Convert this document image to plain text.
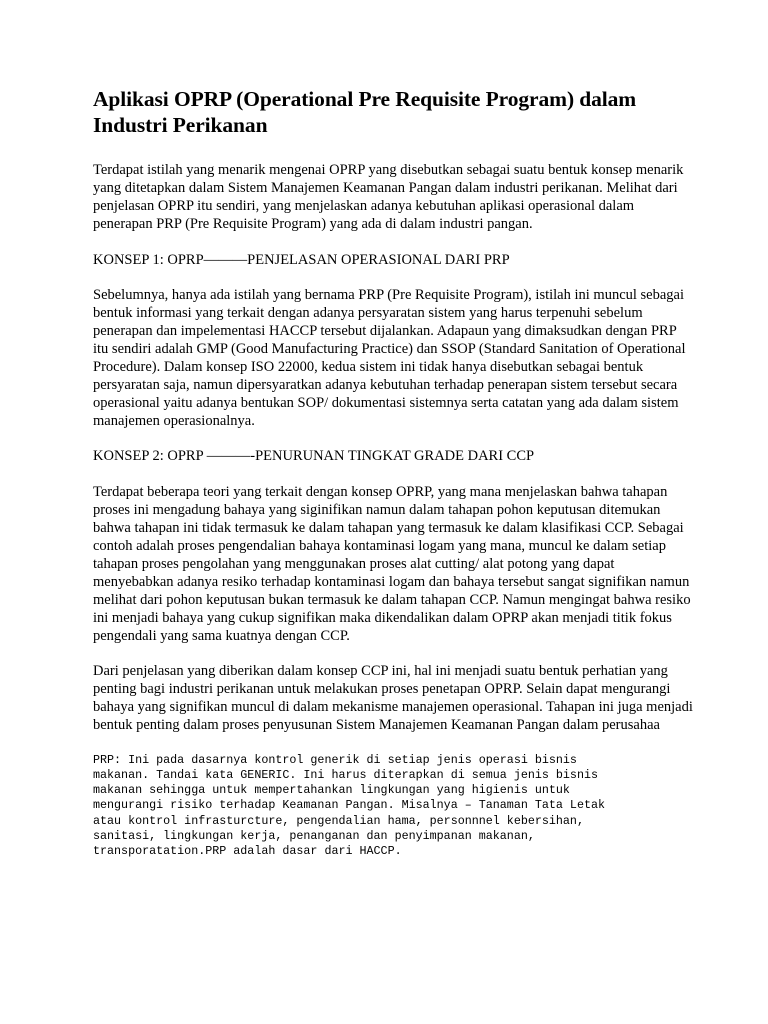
Aplikasi OPRP (Operational Pre Requisite Program) dalam Industri Perikanan

Terdapat istilah yang menarik mengenai OPRP yang disebutkan sebagai suatu bentuk konsep menarik yang ditetapkan dalam Sistem Manajemen Keamanan Pangan dalam industri perikanan. Melihat dari penjelasan OPRP itu sendiri, yang menjelaskan adanya kebutuhan aplikasi operasional dalam penerapan PRP (Pre Requisite Program) yang ada di dalam industri pangan.

KONSEP 1: OPRP———PENJELASAN OPERASIONAL DARI PRP

Sebelumnya, hanya ada istilah yang bernama PRP (Pre Requisite Program), istilah ini muncul sebagai bentuk informasi yang terkait dengan adanya persyaratan sistem yang harus terpenuhi sebelum penerapan dan impelementasi HACCP tersebut dijalankan. Adapaun yang dimaksudkan dengan PRP itu sendiri adalah GMP (Good Manufacturing Practice) dan SSOP (Standard Sanitation of Operational Procedure). Dalam konsep ISO 22000, kedua sistem ini tidak hanya disebutkan sebagai bentuk persyaratan saja, namun dipersyaratkan adanya kebutuhan terhadap penerapan sistem tersebut secara operasional yaitu adanya bentukan SOP/ dokumentasi sistemnya serta catatan yang ada dalam sistem manajemen operasionalnya.

KONSEP 2: OPRP ———-PENURUNAN TINGKAT GRADE DARI CCP

Terdapat beberapa teori yang terkait dengan konsep OPRP, yang mana menjelaskan bahwa tahapan proses ini mengadung bahaya yang siginifikan namun dalam tahapan pohon keputusan ditemukan bahwa tahapan ini tidak termasuk ke dalam tahapan yang termasuk ke dalam klasifikasi CCP. Sebagai contoh adalah proses pengendalian bahaya kontaminasi logam yang mana, muncul ke dalam setiap tahapan proses pengolahan yang menggunakan proses alat cutting/ alat potong yang dapat menyebabkan adanya resiko terhadap kontaminasi logam dan bahaya tersebut sangat signifikan namun melihat dari pohon keputusan bukan termasuk ke dalam tahapan CCP. Namun mengingat bahwa resiko ini menjadi bahaya yang cukup signifikan maka dikendalikan dalam OPRP akan menjadi titik fokus pengendali yang sama kuatnya dengan CCP.

Dari penjelasan yang diberikan dalam konsep CCP ini, hal ini menjadi suatu bentuk perhatian yang penting bagi industri perikanan untuk melakukan proses penetapan OPRP. Selain dapat mengurangi bahaya yang signifikan muncul di dalam mekanisme manajemen operasional. Tahapan ini juga menjadi bentuk penting dalam proses penyusunan Sistem Manajemen Keamanan Pangan dalam perusahaa

PRP: Ini pada dasarnya kontrol generik di setiap jenis operasi bisnis
makanan. Tandai kata GENERIC. Ini harus diterapkan di semua jenis bisnis
makanan sehingga untuk mempertahankan lingkungan yang higienis untuk
mengurangi risiko terhadap Keamanan Pangan. Misalnya – Tanaman Tata Letak
atau kontrol infrasturcture, pengendalian hama, personnnel kebersihan,
sanitasi, lingkungan kerja, penanganan dan penyimpanan makanan,
transporatation.PRP adalah dasar dari HACCP.
